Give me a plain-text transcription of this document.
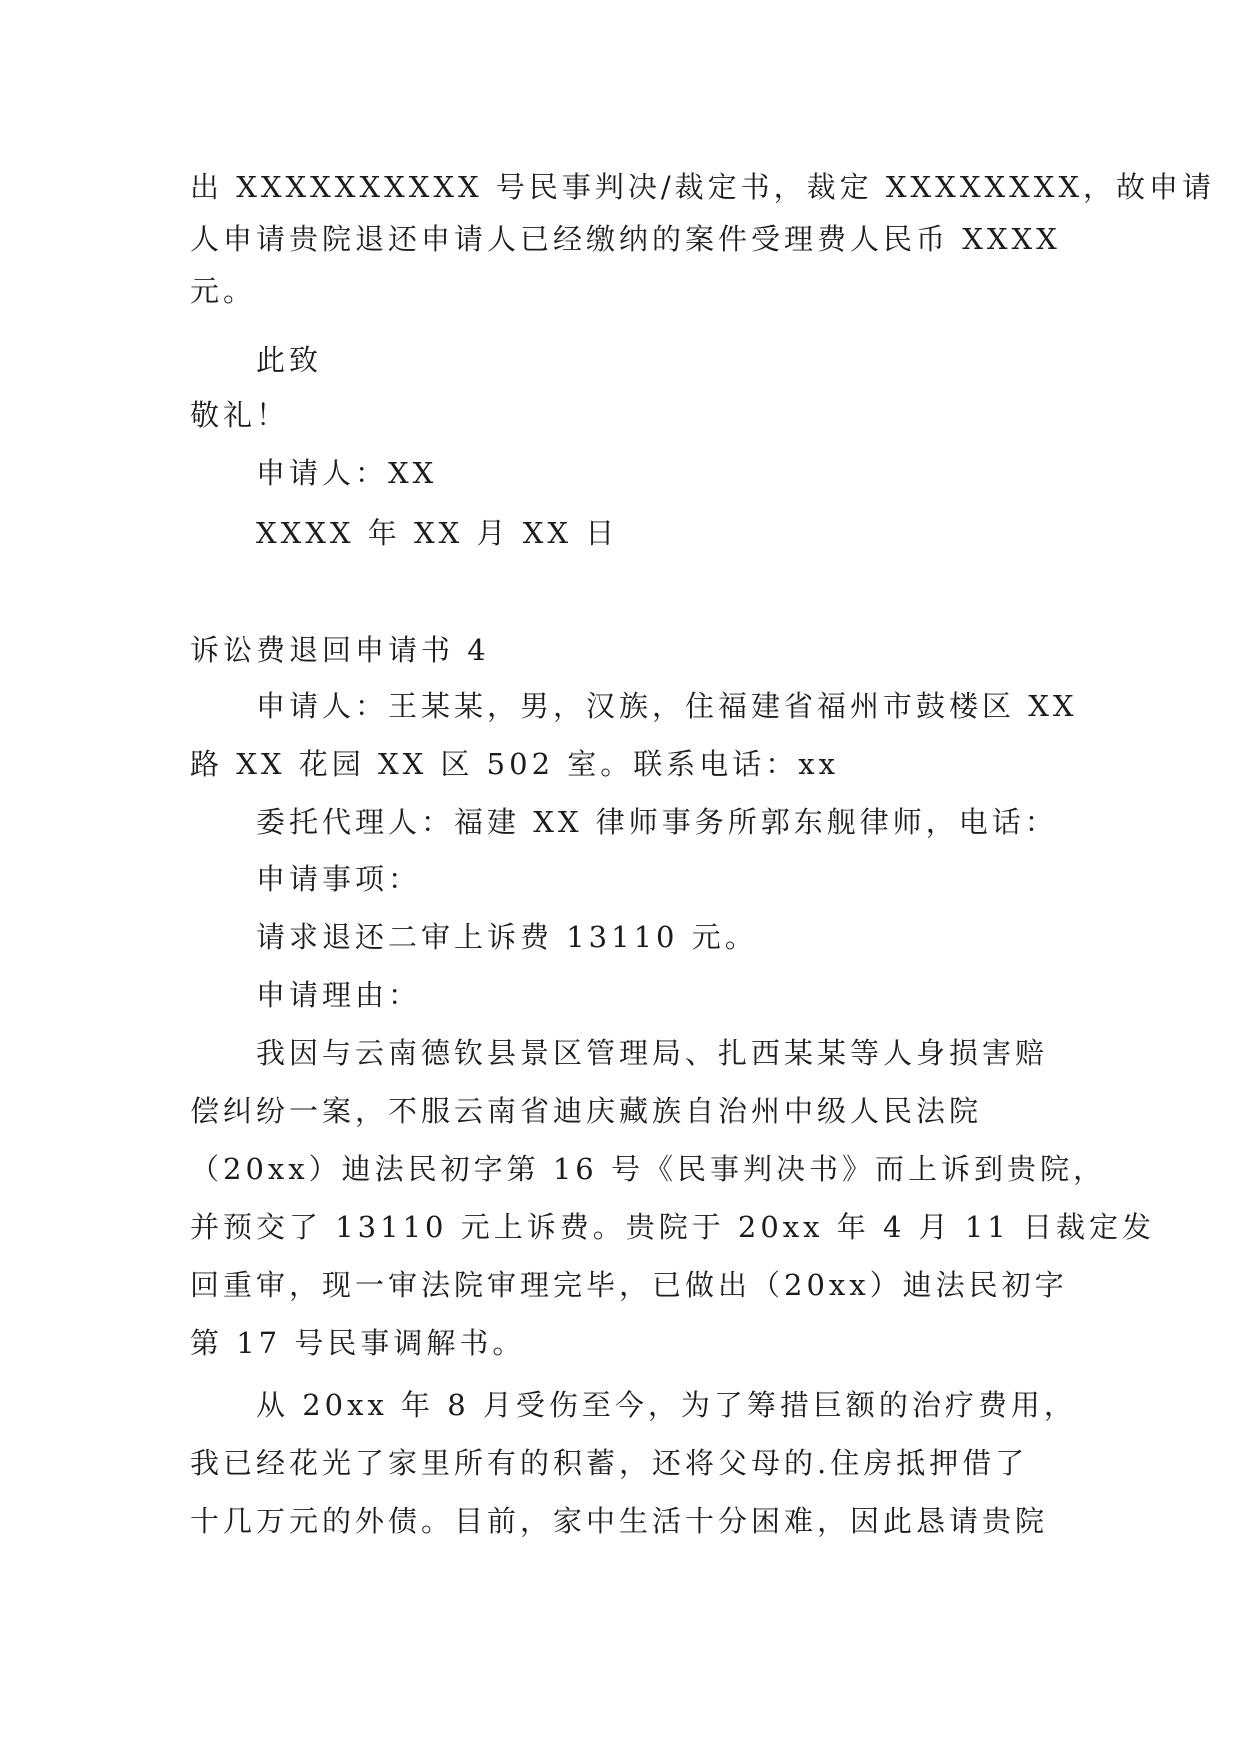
出 XXXXXXXXXX 号民事判决/裁定书，裁定 XXXXXXXX，故申请

人申请贵院退还申请人已经缴纳的案件受理费人民币 XXXX

元。

此致

敬礼！

申请人：XX

XXXX 年 XX 月 XX 日

诉讼费退回申请书 4

申请人：王某某，男，汉族，住福建省福州市鼓楼区 XX

路 XX 花园 XX 区 502 室。联系电话：xx

委托代理人：福建 XX 律师事务所郭东舰律师，电话：

申请事项：

请求退还二审上诉费 13110 元。

申请理由：

我因与云南德钦县景区管理局、扎西某某等人身损害赔

偿纠纷一案，不服云南省迪庆藏族自治州中级人民法院

（20xx）迪法民初字第 16 号《民事判决书》而上诉到贵院，

并预交了 13110 元上诉费。贵院于 20xx 年 4 月 11 日裁定发

回重审，现一审法院审理完毕，已做出（20xx）迪法民初字

第 17 号民事调解书。

从 20xx 年 8 月受伤至今，为了筹措巨额的治疗费用，

我已经花光了家里所有的积蓄，还将父母的.住房抵押借了

十几万元的外债。目前，家中生活十分困难，因此恳请贵院
